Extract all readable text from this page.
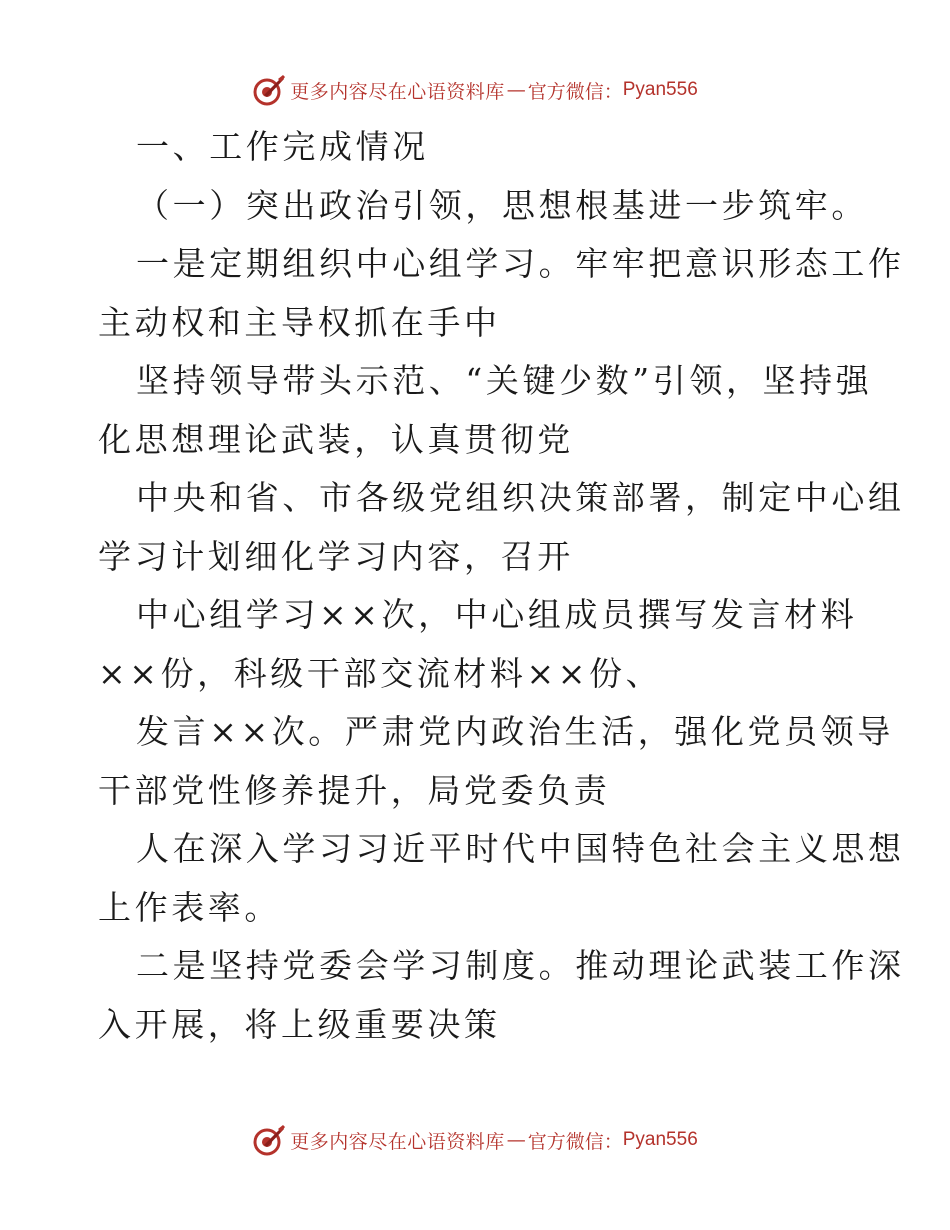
更多内容尽在心语资料库 — 官方微信： Pyan556
一、工作完成情况
（一）突出政治引领，思想根基进一步筑牢。
一是定期组织中心组学习。牢牢把意识形态工作
主动权和主导权抓在手中
坚持领导带头示范、“关键少数”引领，坚持强
化思想理论武装，认真贯彻党
中央和省、市各级党组织决策部署，制定中心组
学习计划细化学习内容，召开
中心组学习××次，中心组成员撰写发言材料
××份，科级干部交流材料××份、
发言××次。严肃党内政治生活，强化党员领导
干部党性修养提升，局党委负责
人在深入学习习近平时代中国特色社会主义思想
上作表率。
二是坚持党委会学习制度。推动理论武装工作深
入开展，将上级重要决策
更多内容尽在心语资料库 — 官方微信： Pyan556
